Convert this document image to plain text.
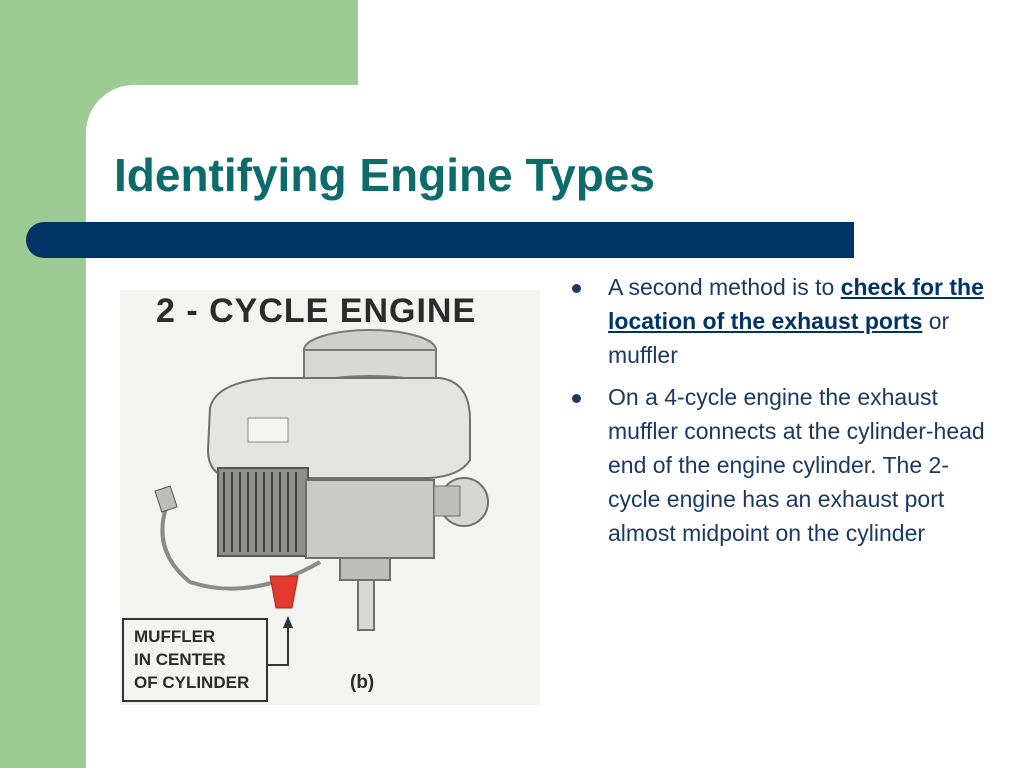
Identifying Engine Types
2 - CYCLE ENGINE
MUFFLER
IN CENTER
OF CYLINDER	(b)
A second method is to check for the location of the exhaust ports or muffler
On a 4-cycle engine the exhaust muffler connects at the cylinder-head end of the engine cylinder. The 2-cycle engine has an exhaust port almost midpoint on the cylinder
